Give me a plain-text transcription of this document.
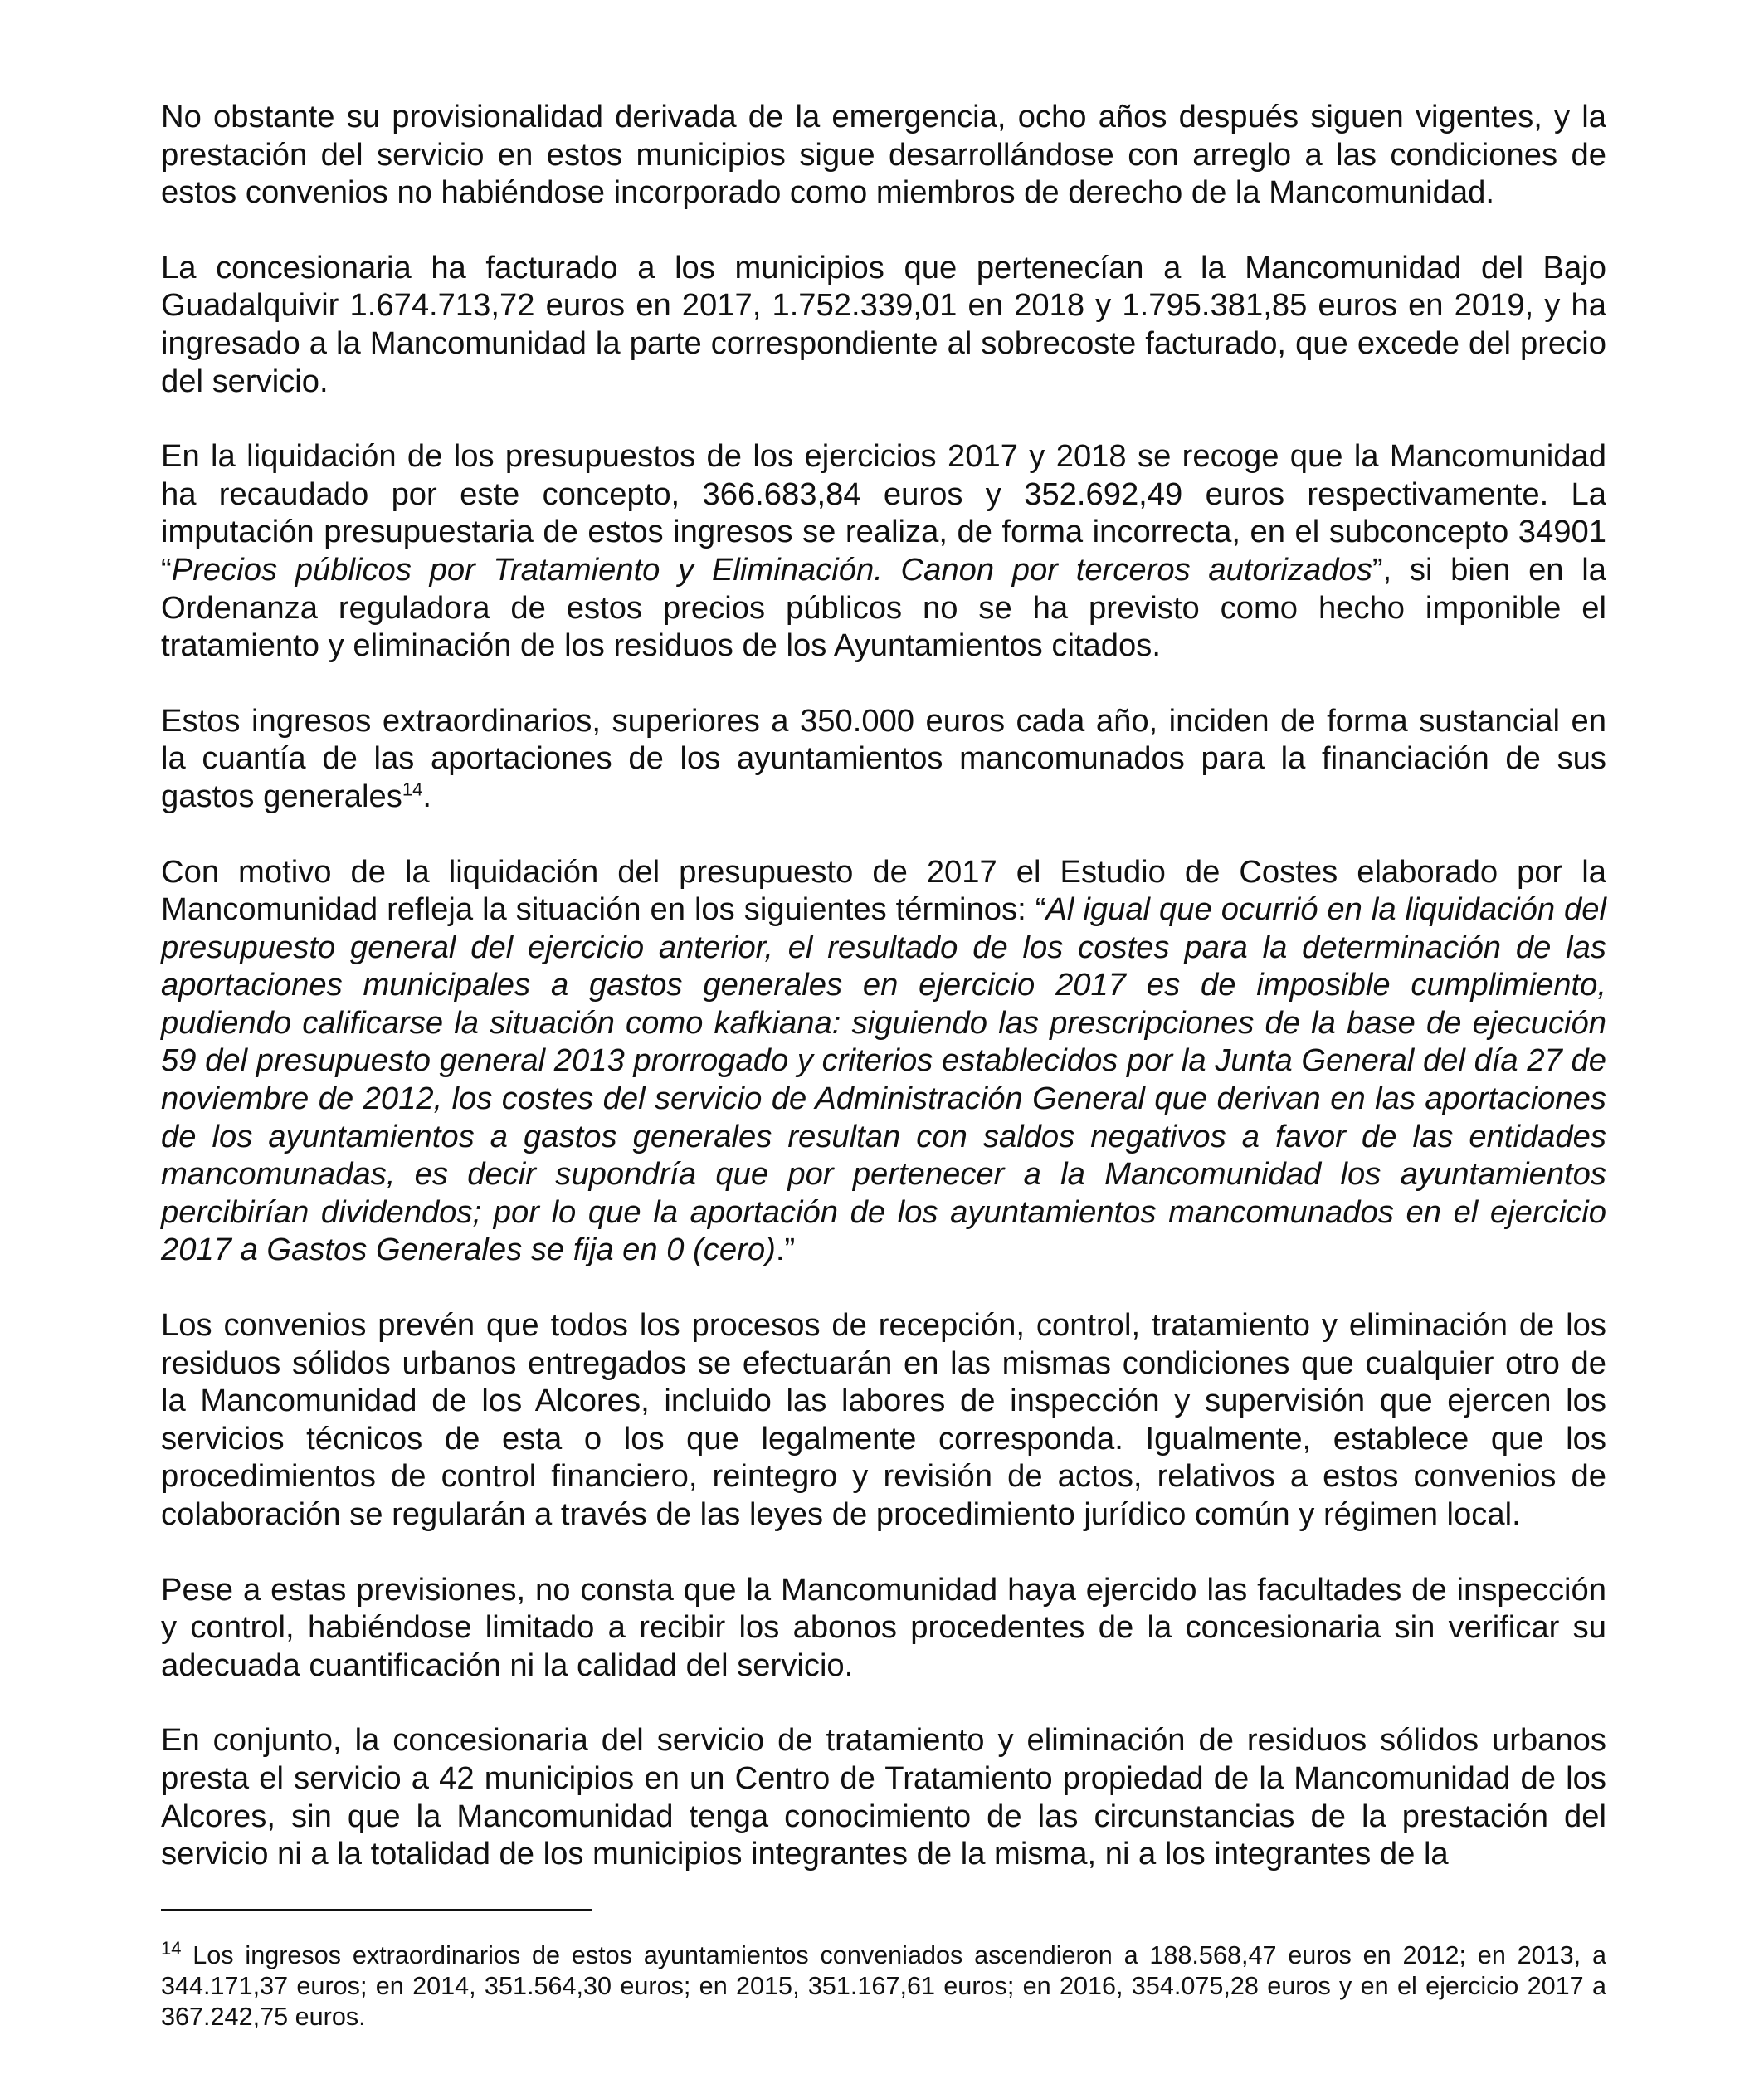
No obstante su provisionalidad derivada de la emergencia, ocho años después siguen vigentes, y la prestación del servicio en estos municipios sigue desarrollándose con arreglo a las condiciones de estos convenios no habiéndose incorporado como miembros de derecho de la Mancomunidad.

La concesionaria ha facturado a los municipios que pertenecían a la Mancomunidad del Bajo Guadalquivir 1.674.713,72 euros en 2017, 1.752.339,01 en 2018 y 1.795.381,85 euros en 2019, y ha ingresado a la Mancomunidad la parte correspondiente al sobrecoste facturado, que excede del precio del servicio.

En la liquidación de los presupuestos de los ejercicios 2017 y 2018 se recoge que la Mancomunidad ha recaudado por este concepto, 366.683,84 euros y 352.692,49 euros respectivamente. La imputación presupuestaria de estos ingresos se realiza, de forma incorrecta, en el subconcepto 34901 “Precios públicos por Tratamiento y Eliminación. Canon por terceros autorizados”, si bien en la Ordenanza reguladora de estos precios públicos no se ha previsto como hecho imponible el tratamiento y eliminación de los residuos de los Ayuntamientos citados.

Estos ingresos extraordinarios, superiores a 350.000 euros cada año, inciden de forma sustancial en la cuantía de las aportaciones de los ayuntamientos mancomunados para la financiación de sus gastos generales$^{14}$.

Con motivo de la liquidación del presupuesto de 2017 el Estudio de Costes elaborado por la Mancomunidad refleja la situación en los siguientes términos: “Al igual que ocurrió en la liquidación del presupuesto general del ejercicio anterior, el resultado de los costes para la determinación de las aportaciones municipales a gastos generales en ejercicio 2017 es de imposible cumplimiento, pudiendo calificarse la situación como kafkiana: siguiendo las prescripciones de la base de ejecución 59 del presupuesto general 2013 prorrogado y criterios establecidos por la Junta General del día 27 de noviembre de 2012, los costes del servicio de Administración General que derivan en las aportaciones de los ayuntamientos a gastos generales resultan con saldos negativos a favor de las entidades mancomunadas, es decir supondría que por pertenecer a la Mancomunidad los ayuntamientos percibirían dividendos; por lo que la aportación de los ayuntamientos mancomunados en el ejercicio 2017 a Gastos Generales se fija en 0 (cero).”

Los convenios prevén que todos los procesos de recepción, control, tratamiento y eliminación de los residuos sólidos urbanos entregados se efectuarán en las mismas condiciones que cualquier otro de la Mancomunidad de los Alcores, incluido las labores de inspección y supervisión que ejercen los servicios técnicos de esta o los que legalmente corresponda. Igualmente, establece que los procedimientos de control financiero, reintegro y revisión de actos, relativos a estos convenios de colaboración se regularán a través de las leyes de procedimiento jurídico común y régimen local.

Pese a estas previsiones, no consta que la Mancomunidad haya ejercido las facultades de inspección y control, habiéndose limitado a recibir los abonos procedentes de la concesionaria sin verificar su adecuada cuantificación ni la calidad del servicio.

En conjunto, la concesionaria del servicio de tratamiento y eliminación de residuos sólidos urbanos presta el servicio a 42 municipios en un Centro de Tratamiento propiedad de la Mancomunidad de los Alcores, sin que la Mancomunidad tenga conocimiento de las circunstancias de la prestación del servicio ni a la totalidad de los municipios integrantes de la misma, ni a los integrantes de la

$^{14}$ Los ingresos extraordinarios de estos ayuntamientos conveniados ascendieron a 188.568,47 euros en 2012; en 2013, a 344.171,37 euros; en 2014, 351.564,30 euros; en 2015, 351.167,61 euros; en 2016, 354.075,28 euros y en el ejercicio 2017 a 367.242,75 euros.
